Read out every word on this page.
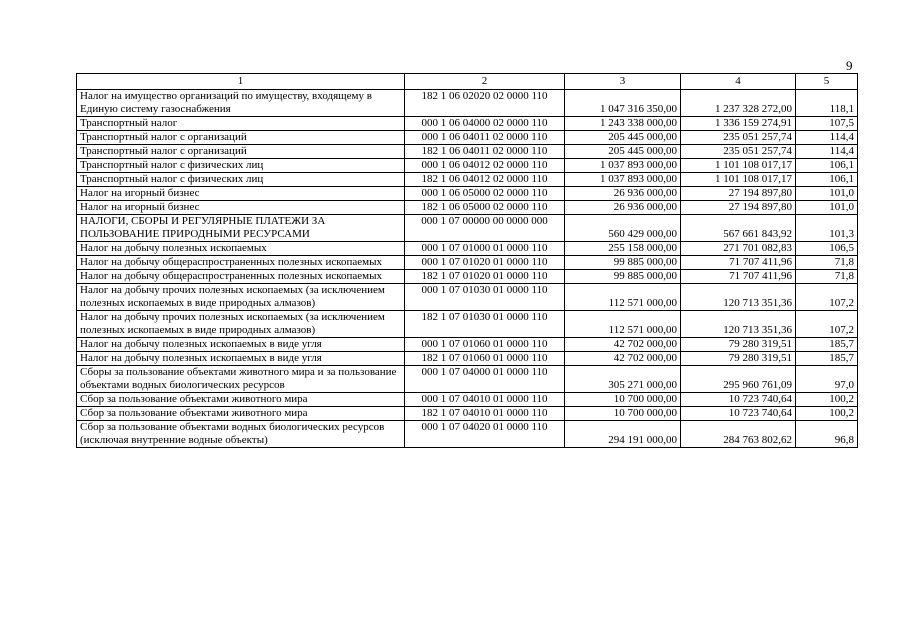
9
1	2	3	4	5
Налог на имущество организаций по имуществу, входящему в Единую систему газоснабжения	182 1 06 02020 02 0000 110	1 047 316 350,00	1 237 328 272,00	118,1
Транспортный налог	000 1 06 04000 02 0000 110	1 243 338 000,00	1 336 159 274,91	107,5
Транспортный налог с организаций	000 1 06 04011 02 0000 110	205 445 000,00	235 051 257,74	114,4
Транспортный налог с организаций	182 1 06 04011 02 0000 110	205 445 000,00	235 051 257,74	114,4
Транспортный налог с физических лиц	000 1 06 04012 02 0000 110	1 037 893 000,00	1 101 108 017,17	106,1
Транспортный налог с физических лиц	182 1 06 04012 02 0000 110	1 037 893 000,00	1 101 108 017,17	106,1
Налог на игорный бизнес	000 1 06 05000 02 0000 110	26 936 000,00	27 194 897,80	101,0
Налог на игорный бизнес	182 1 06 05000 02 0000 110	26 936 000,00	27 194 897,80	101,0
НАЛОГИ, СБОРЫ И РЕГУЛЯРНЫЕ ПЛАТЕЖИ ЗА ПОЛЬЗОВАНИЕ ПРИРОДНЫМИ РЕСУРСАМИ	000 1 07 00000 00 0000 000	560 429 000,00	567 661 843,92	101,3
Налог на добычу полезных ископаемых	000 1 07 01000 01 0000 110	255 158 000,00	271 701 082,83	106,5
Налог на добычу общераспространенных полезных ископаемых	000 1 07 01020 01 0000 110	99 885 000,00	71 707 411,96	71,8
Налог на добычу общераспространенных полезных ископаемых	182 1 07 01020 01 0000 110	99 885 000,00	71 707 411,96	71,8
Налог на добычу прочих полезных ископаемых (за исключением полезных ископаемых в виде природных алмазов)	000 1 07 01030 01 0000 110	112 571 000,00	120 713 351,36	107,2
Налог на добычу прочих полезных ископаемых (за исключением полезных ископаемых в виде природных алмазов)	182 1 07 01030 01 0000 110	112 571 000,00	120 713 351,36	107,2
Налог на добычу полезных ископаемых в виде угля	000 1 07 01060 01 0000 110	42 702 000,00	79 280 319,51	185,7
Налог на добычу полезных ископаемых в виде угля	182 1 07 01060 01 0000 110	42 702 000,00	79 280 319,51	185,7
Сборы за пользование объектами животного мира и за пользование объектами водных биологических ресурсов	000 1 07 04000 01 0000 110	305 271 000,00	295 960 761,09	97,0
Сбор за пользование объектами животного мира	000 1 07 04010 01 0000 110	10 700 000,00	10 723 740,64	100,2
Сбор за пользование объектами животного мира	182 1 07 04010 01 0000 110	10 700 000,00	10 723 740,64	100,2
Сбор за пользование объектами водных биологических ресурсов (исключая внутренние водные объекты)	000 1 07 04020 01 0000 110	294 191 000,00	284 763 802,62	96,8
